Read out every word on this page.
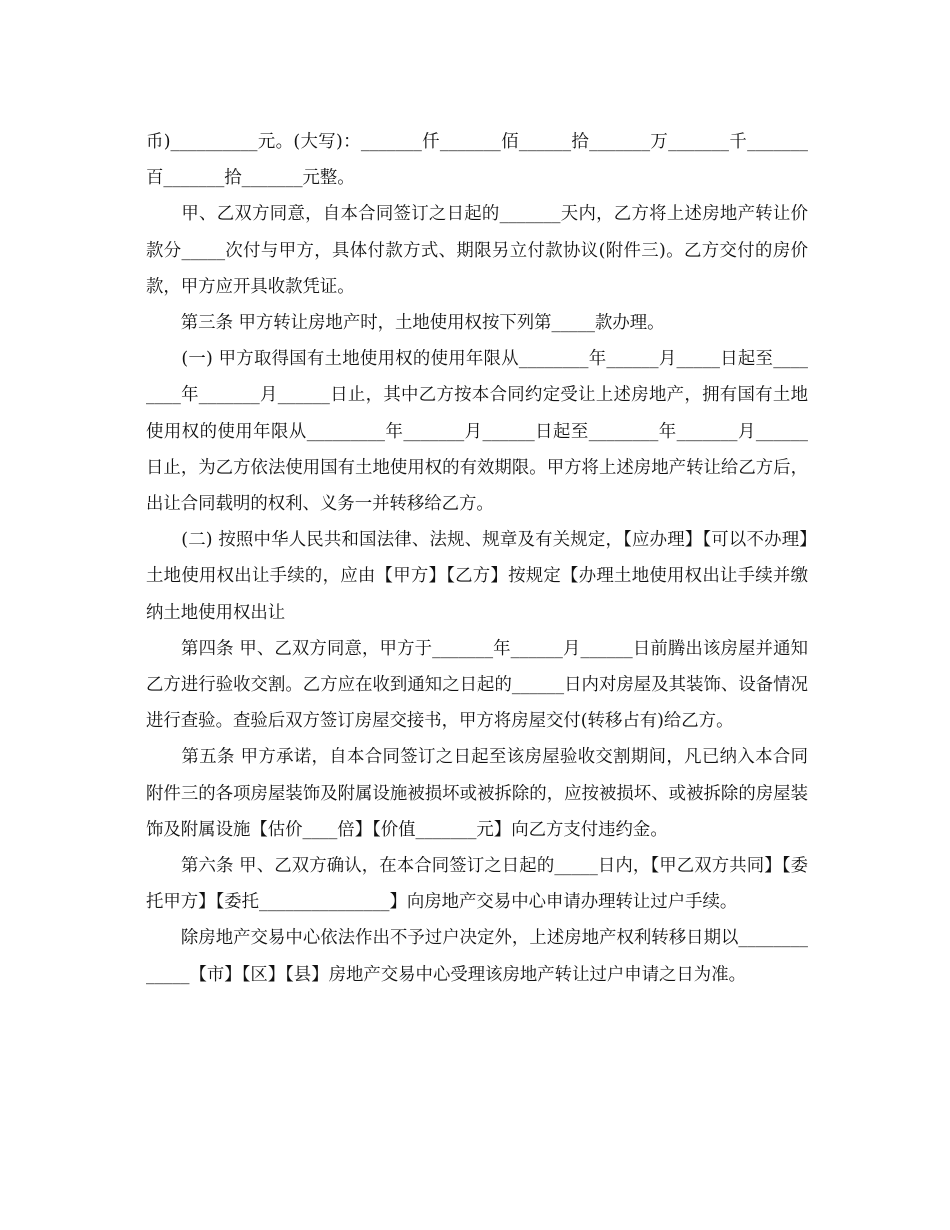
币)__________元。(大写)：_______仟_______佰______拾_______万_______千_______百_______拾_______元整。

　　甲、乙双方同意，自本合同签订之日起的_______天内，乙方将上述房地产转让价款分_____次付与甲方，具体付款方式、期限另立付款协议(附件三)。乙方交付的房价款，甲方应开具收款凭证。

　　第三条 甲方转让房地产时，土地使用权按下列第_____款办理。

　　(一) 甲方取得国有土地使用权的使用年限从________年______月_____日起至________年_______月______日止，其中乙方按本合同约定受让上述房地产，拥有国有土地使用权的使用年限从_________年_______月______日起至________年_______月______日止，为乙方依法使用国有土地使用权的有效期限。甲方将上述房地产转让给乙方后，出让合同载明的权利、义务一并转移给乙方。

　　(二) 按照中华人民共和国法律、法规、规章及有关规定，【应办理】【可以不办理】土地使用权出让手续的，应由【甲方】【乙方】按规定【办理土地使用权出让手续并缴纳土地使用权出让

　　第四条 甲、乙双方同意，甲方于_______年______月______日前腾出该房屋并通知乙方进行验收交割。乙方应在收到通知之日起的______日内对房屋及其装饰、设备情况进行查验。查验后双方签订房屋交接书，甲方将房屋交付(转移占有)给乙方。

　　第五条 甲方承诺，自本合同签订之日起至该房屋验收交割期间，凡已纳入本合同附件三的各项房屋装饰及附属设施被损坏或被拆除的，应按被损坏、或被拆除的房屋装饰及附属设施【估价____倍】【价值_______元】向乙方支付违约金。

　　第六条 甲、乙双方确认，在本合同签订之日起的_____日内，【甲乙双方共同】【委托甲方】【委托_______________】向房地产交易中心申请办理转让过户手续。

　　除房地产交易中心依法作出不予过户决定外，上述房地产权利转移日期以_____________【市】【区】【县】房地产交易中心受理该房地产转让过户申请之日为准。
